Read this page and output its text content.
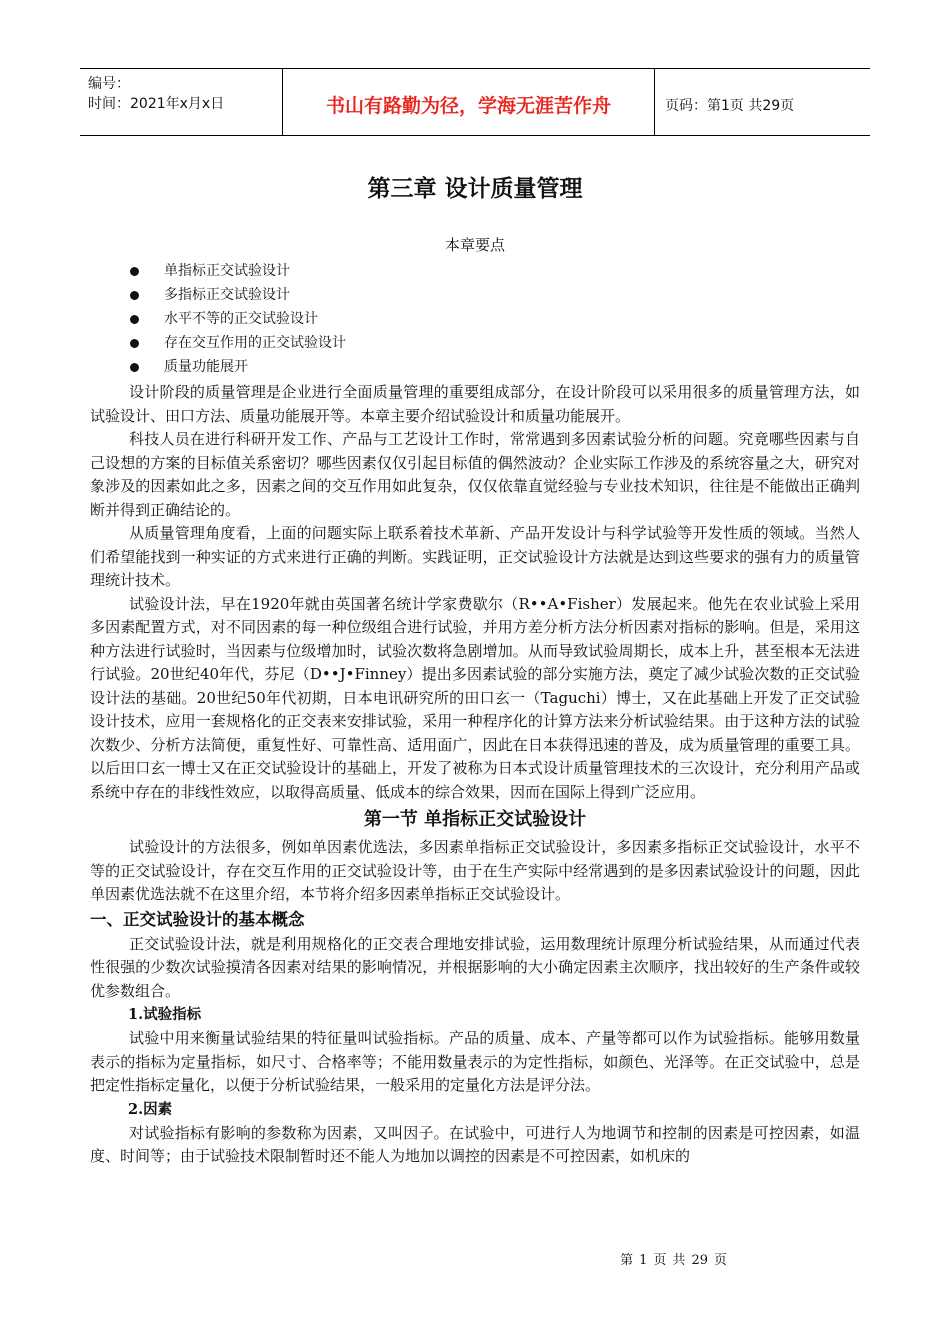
编号：
时间：2021年x月x日	书山有路勤为径，学海无涯苦作舟	页码：第1页 共29页
第三章 设计质量管理
本章要点
单指标正交试验设计
多指标正交试验设计
水平不等的正交试验设计
存在交互作用的正交试验设计
质量功能展开

设计阶段的质量管理是企业进行全面质量管理的重要组成部分，在设计阶段可以采用很多的质量管理方法，如试验设计、田口方法、质量功能展开等。本章主要介绍试验设计和质量功能展开。

科技人员在进行科研开发工作、产品与工艺设计工作时，常常遇到多因素试验分析的问题。究竟哪些因素与自己设想的方案的目标值关系密切？哪些因素仅仅引起目标值的偶然波动？企业实际工作涉及的系统容量之大，研究对象涉及的因素如此之多，因素之间的交互作用如此复杂，仅仅依靠直觉经验与专业技术知识，往往是不能做出正确判断并得到正确结论的。

从质量管理角度看，上面的问题实际上联系着技术革新、产品开发设计与科学试验等开发性质的领域。当然人们希望能找到一种实证的方式来进行正确的判断。实践证明，正交试验设计方法就是达到这些要求的强有力的质量管理统计技术。

试验设计法，早在1920年就由英国著名统计学家费歇尔（R••A•Fisher）发展起来。他先在农业试验上采用多因素配置方式，对不同因素的每一种位级组合进行试验，并用方差分析方法分析因素对指标的影响。但是，采用这种方法进行试验时，当因素与位级增加时，试验次数将急剧增加。从而导致试验周期长，成本上升，甚至根本无法进行试验。20世纪40年代，芬尼（D••J•Finney）提出多因素试验的部分实施方法，奠定了减少试验次数的正交试验设计法的基础。20世纪50年代初期，日本电讯研究所的田口玄一（Taguchi）博士，又在此基础上开发了正交试验设计技术，应用一套规格化的正交表来安排试验，采用一种程序化的计算方法来分析试验结果。由于这种方法的试验次数少、分析方法简便，重复性好、可靠性高、适用面广，因此在日本获得迅速的普及，成为质量管理的重要工具。以后田口玄一博士又在正交试验设计的基础上，开发了被称为日本式设计质量管理技术的三次设计，充分利用产品或系统中存在的非线性效应，以取得高质量、低成本的综合效果，因而在国际上得到广泛应用。

第一节 单指标正交试验设计

试验设计的方法很多，例如单因素优选法，多因素单指标正交试验设计，多因素多指标正交试验设计，水平不等的正交试验设计，存在交互作用的正交试验设计等，由于在生产实际中经常遇到的是多因素试验设计的问题，因此单因素优选法就不在这里介绍，本节将介绍多因素单指标正交试验设计。

一、正交试验设计的基本概念

正交试验设计法，就是利用规格化的正交表合理地安排试验，运用数理统计原理分析试验结果，从而通过代表性很强的少数次试验摸清各因素对结果的影响情况，并根据影响的大小确定因素主次顺序，找出较好的生产条件或较优参数组合。

1.试验指标

试验中用来衡量试验结果的特征量叫试验指标。产品的质量、成本、产量等都可以作为试验指标。能够用数量表示的指标为定量指标，如尺寸、合格率等；不能用数量表示的为定性指标，如颜色、光泽等。在正交试验中，总是把定性指标定量化，以便于分析试验结果，一般采用的定量化方法是评分法。

2.因素

对试验指标有影响的参数称为因素，又叫因子。在试验中，可进行人为地调节和控制的因素是可控因素，如温度、时间等；由于试验技术限制暂时还不能人为地加以调控的因素是不可控因素，如机床的

第 1 页 共 29 页
